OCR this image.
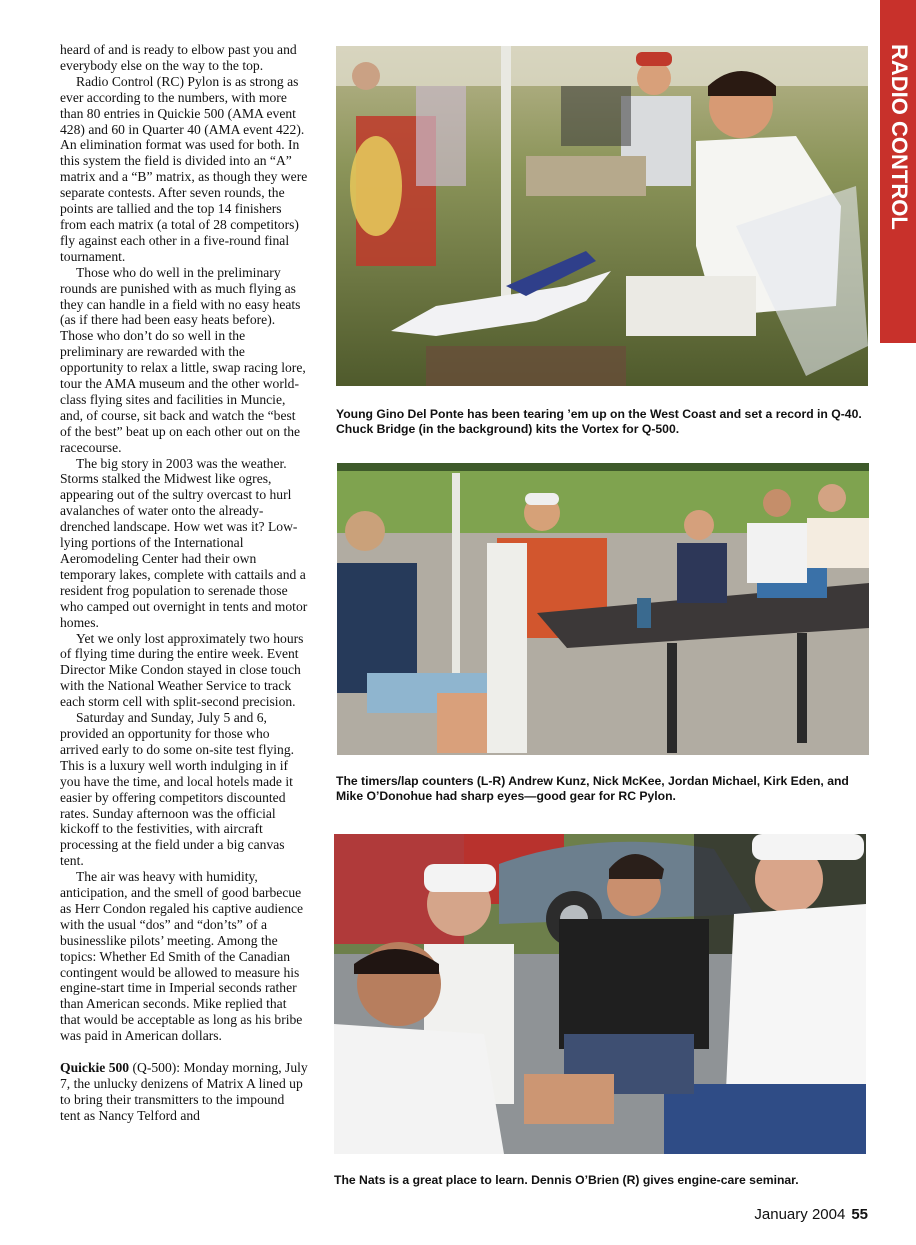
RADIO CONTROL

heard of and is ready to elbow past you and everybody else on the way to the top.

Radio Control (RC) Pylon is as strong as ever according to the numbers, with more than 80 entries in Quickie 500 (AMA event 428) and 60 in Quarter 40 (AMA event 422). An elimination format was used for both. In this system the field is divided into an “A” matrix and a “B” matrix, as though they were separate contests. After seven rounds, the points are tallied and the top 14 finishers from each matrix (a total of 28 competitors) fly against each other in a five-round final tournament.

Those who do well in the preliminary rounds are punished with as much flying as they can handle in a field with no easy heats (as if there had been easy heats before). Those who don’t do so well in the preliminary are rewarded with the opportunity to relax a little, swap racing lore, tour the AMA museum and the other world-class flying sites and facilities in Muncie, and, of course, sit back and watch the “best of the best” beat up on each other out on the racecourse.

The big story in 2003 was the weather. Storms stalked the Midwest like ogres, appearing out of the sultry overcast to hurl avalanches of water onto the already-drenched landscape. How wet was it? Low-lying portions of the International Aeromodeling Center had their own temporary lakes, complete with cattails and a resident frog population to serenade those who camped out overnight in tents and motor homes.

Yet we only lost approximately two hours of flying time during the entire week. Event Director Mike Condon stayed in close touch with the National Weather Service to track each storm cell with split-second precision.

Saturday and Sunday, July 5 and 6, provided an opportunity for those who arrived early to do some on-site test flying. This is a luxury well worth indulging in if you have the time, and local hotels made it easier by offering competitors discounted rates. Sunday afternoon was the official kickoff to the festivities, with aircraft processing at the field under a big canvas tent.

The air was heavy with humidity, anticipation, and the smell of good barbecue as Herr Condon regaled his captive audience with the usual “dos” and “don’ts” of a businesslike pilots’ meeting. Among the topics: Whether Ed Smith of the Canadian contingent would be allowed to measure his engine-start time in Imperial seconds rather than American seconds. Mike replied that that would be acceptable as long as his bribe was paid in American dollars.

Quickie 500 (Q-500): Monday morning, July 7, the unlucky denizens of Matrix A lined up to bring their transmitters to the impound tent as Nancy Telford and

Young Gino Del Ponte has been tearing ’em up on the West Coast and set a record in Q-40. Chuck Bridge (in the background) kits the Vortex for Q-500.
The timers/lap counters (L-R) Andrew Kunz, Nick McKee, Jordan Michael, Kirk Eden, and Mike O’Donohue had sharp eyes—good gear for RC Pylon.
The Nats is a great place to learn. Dennis O’Brien (R) gives engine-care seminar.
January 2004 55
